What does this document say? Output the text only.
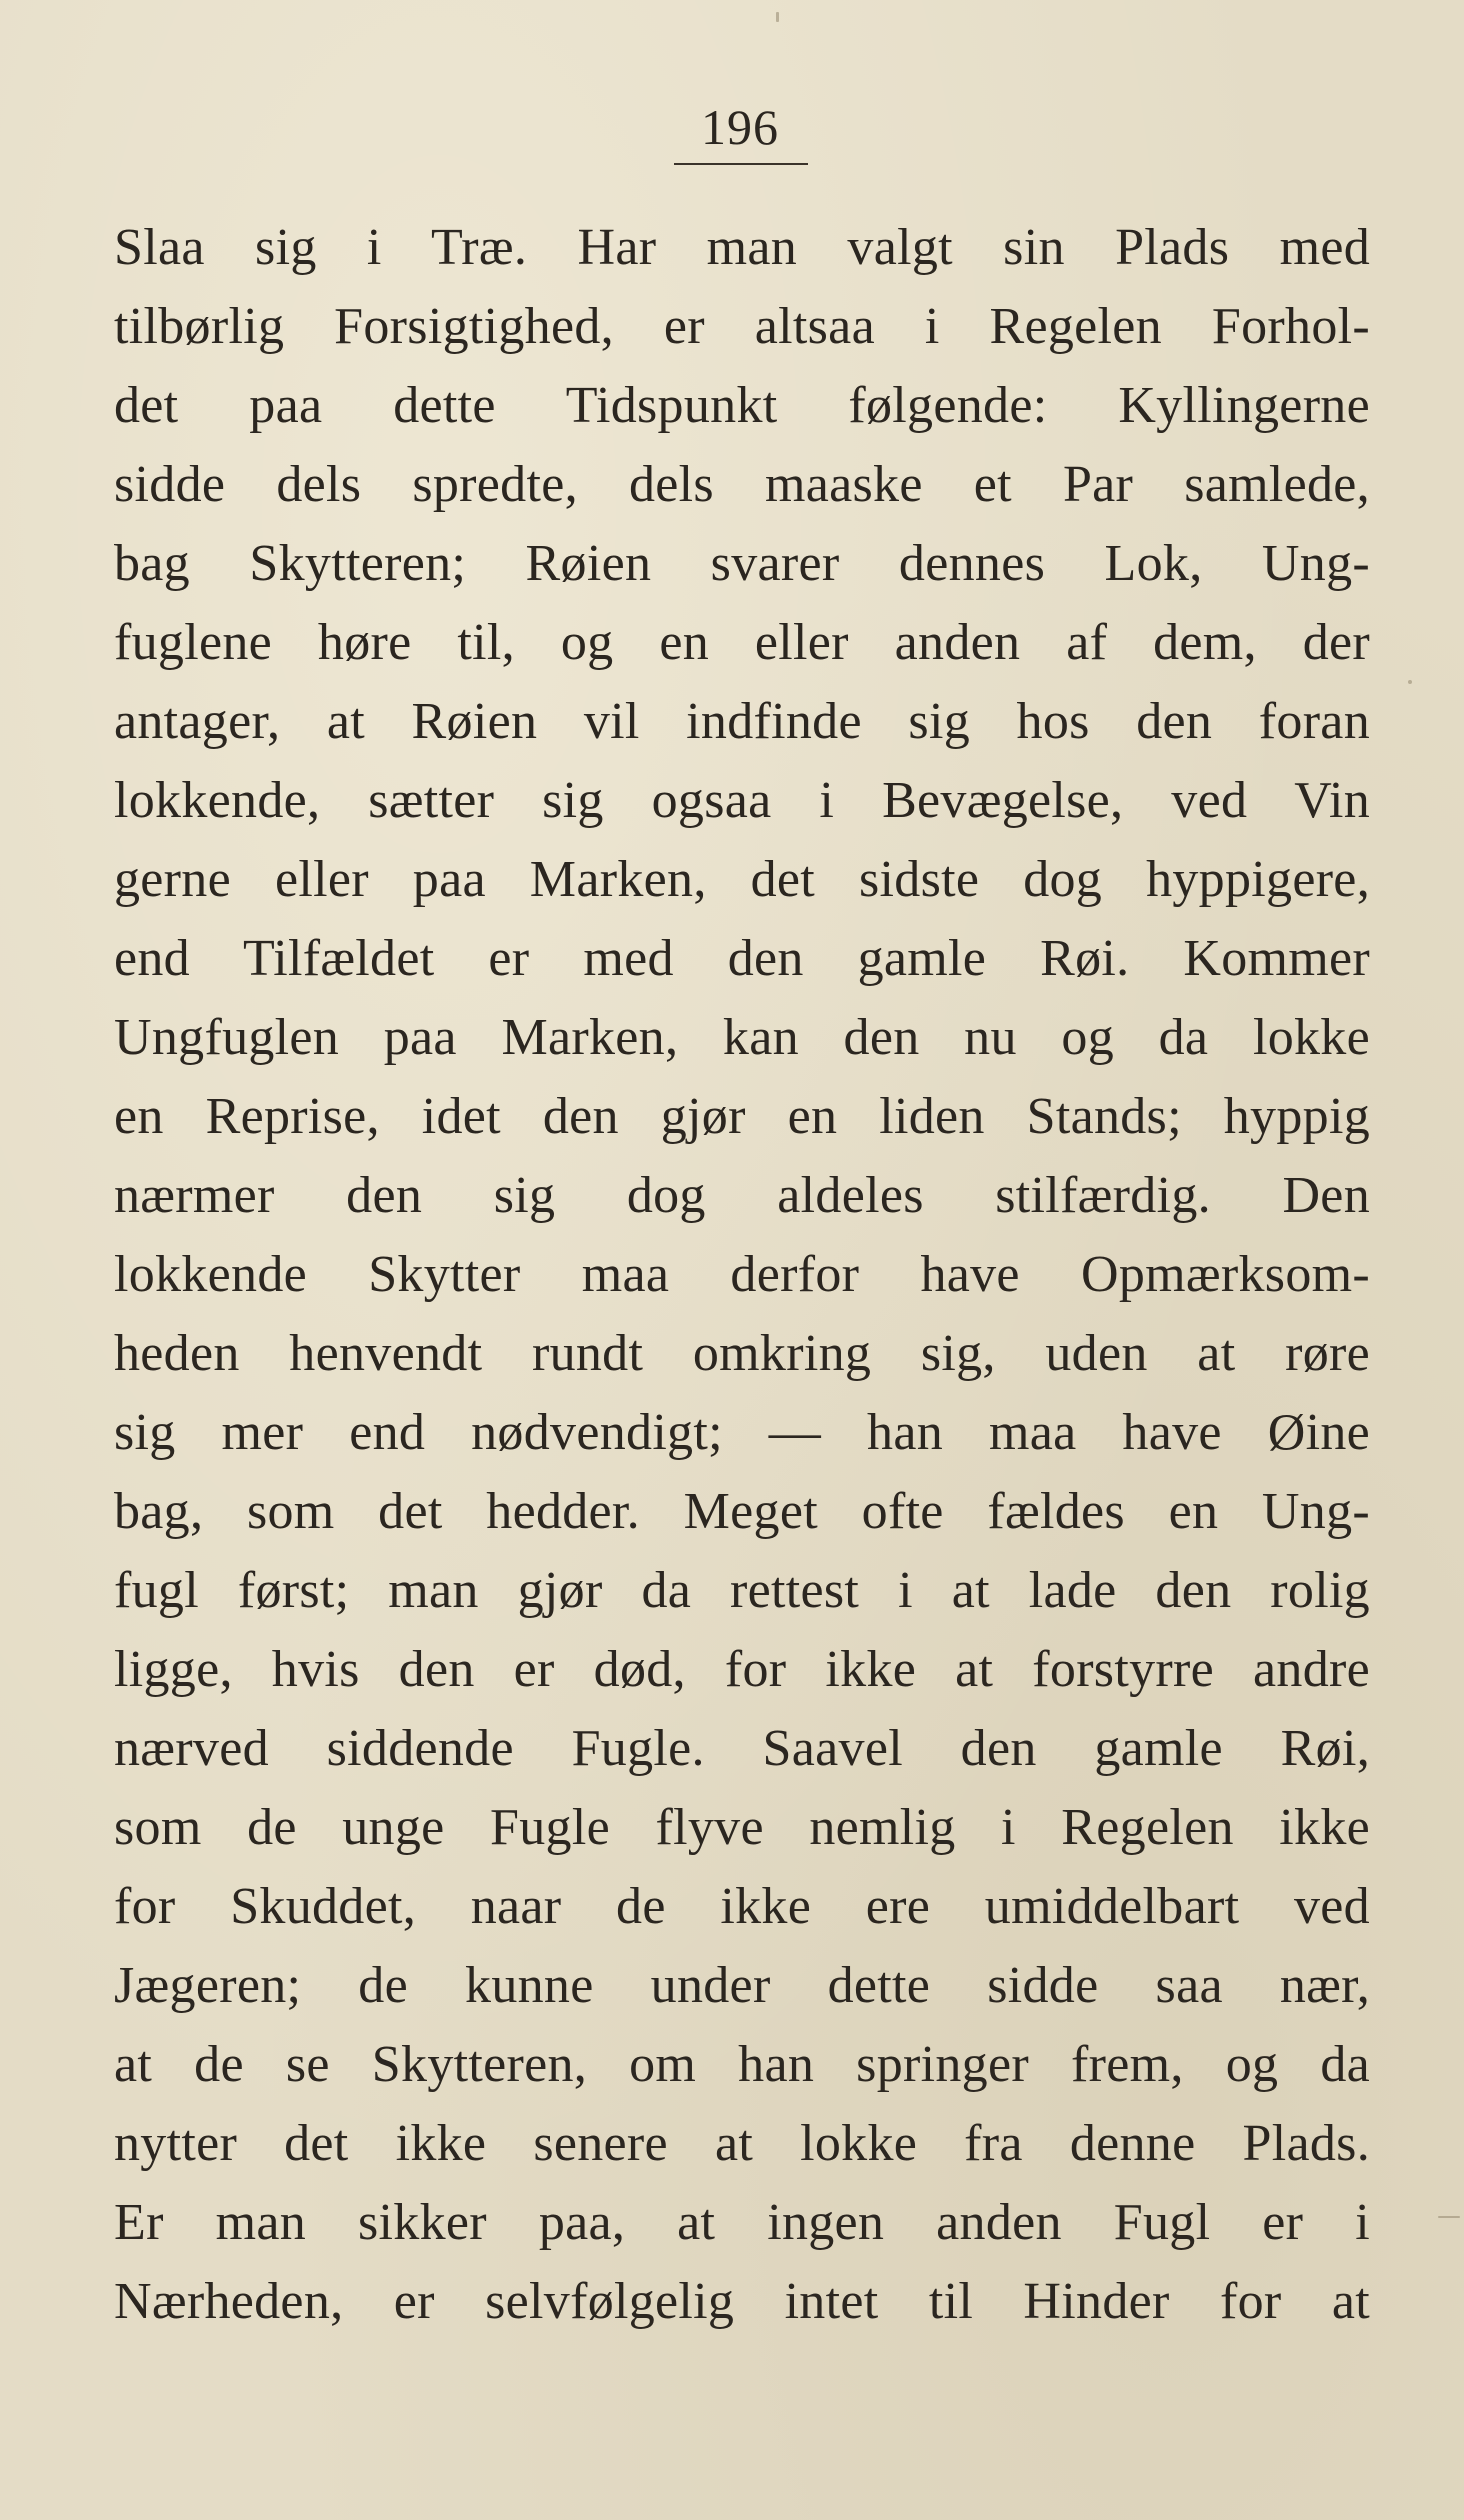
196
Slaa sig i Træ. Har man valgt sin Plads med
tilbørlig Forsigtighed, er altsaa i Regelen Forhol-
det paa dette Tidspunkt følgende: Kyllingerne
sidde dels spredte, dels maaske et Par samlede,
bag Skytteren; Røien svarer dennes Lok, Ung-
fuglene høre til, og en eller anden af dem, der
antager, at Røien vil indfinde sig hos den foran
lokkende, sætter sig ogsaa i Bevægelse, ved Vin
gerne eller paa Marken, det sidste dog hyppigere,
end Tilfældet er med den gamle Røi. Kommer
Ungfuglen paa Marken, kan den nu og da lokke
en Reprise, idet den gjør en liden Stands; hyppig
nærmer den sig dog aldeles stilfærdig. Den
lokkende Skytter maa derfor have Opmærksom-
heden henvendt rundt omkring sig, uden at røre
sig mer end nødvendigt; — han maa have Øine
bag, som det hedder. Meget ofte fældes en Ung-
fugl først; man gjør da rettest i at lade den rolig
ligge, hvis den er død, for ikke at forstyrre andre
nærved siddende Fugle. Saavel den gamle Røi,
som de unge Fugle flyve nemlig i Regelen ikke
for Skuddet, naar de ikke ere umiddelbart ved
Jægeren; de kunne under dette sidde saa nær,
at de se Skytteren, om han springer frem, og da
nytter det ikke senere at lokke fra denne Plads.
Er man sikker paa, at ingen anden Fugl er i
Nærheden, er selvfølgelig intet til Hinder for at
